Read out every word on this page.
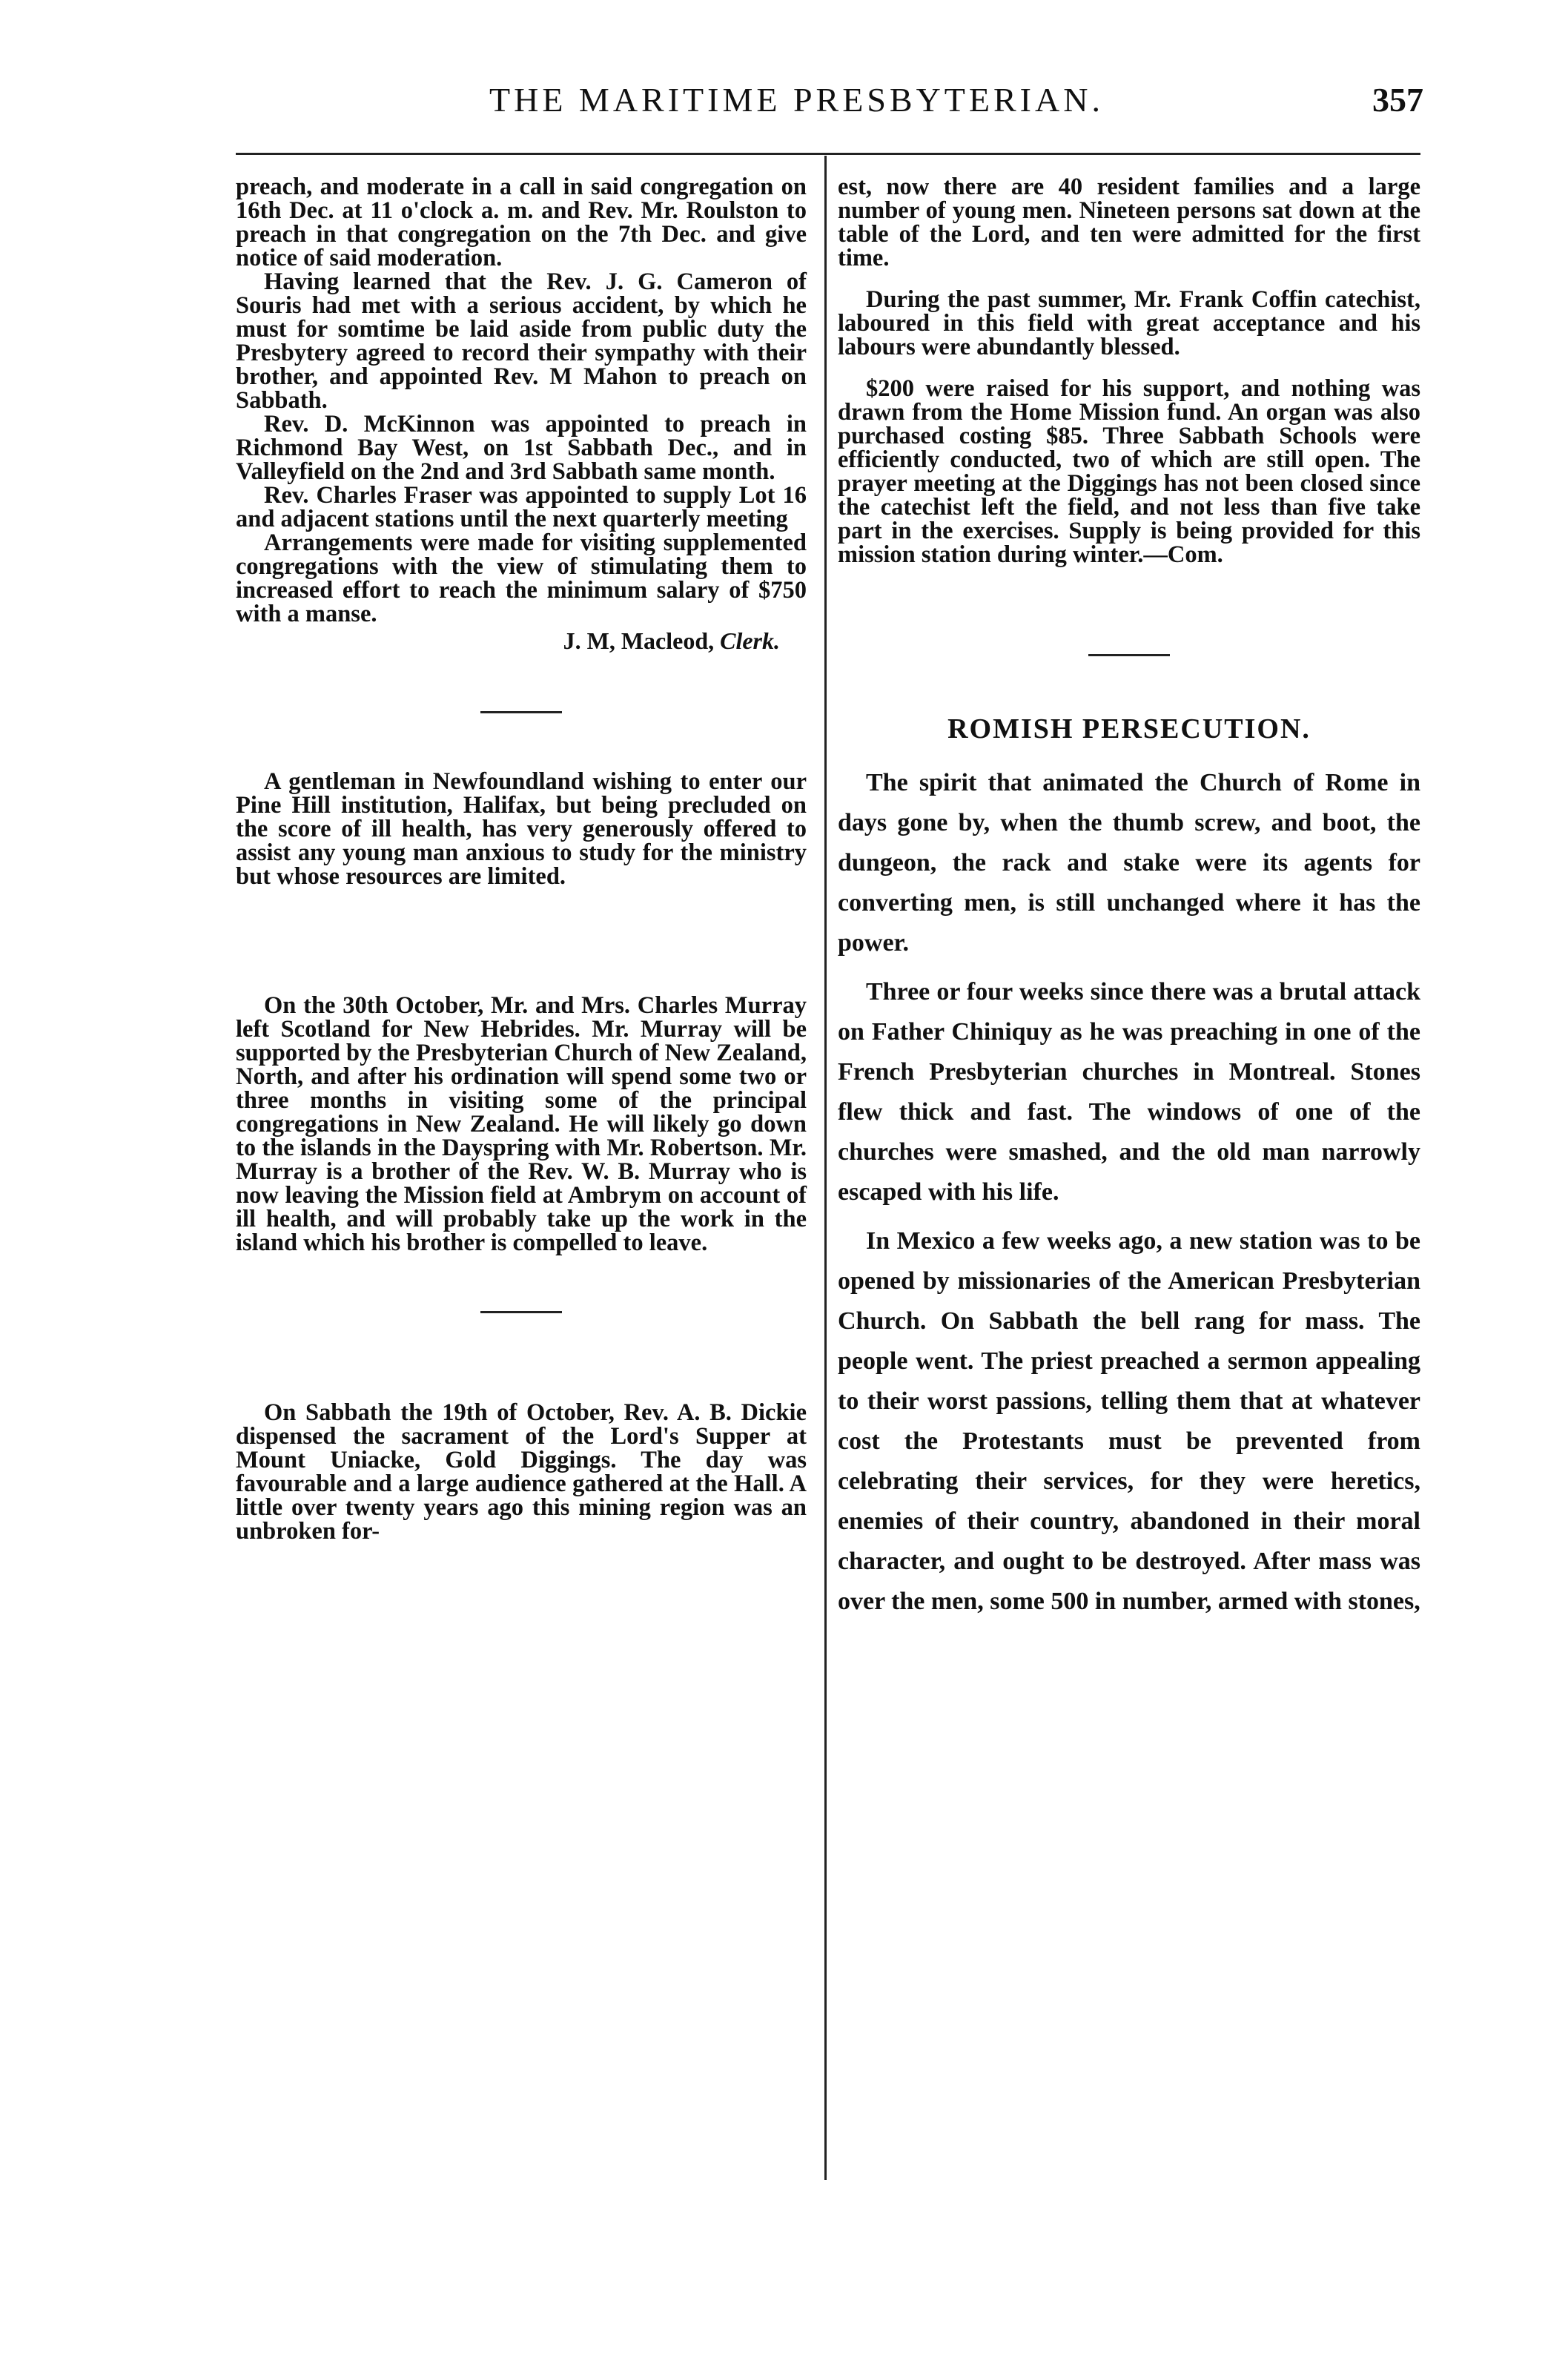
THE MARITIME PRESBYTERIAN.	357

preach, and moderate in a call in said congregation on 16th Dec. at 11 o'clock a. m. and Rev. Mr. Roulston to preach in that congregation on the 7th Dec. and give notice of said moderation.

Having learned that the Rev. J. G. Cameron of Souris had met with a serious accident, by which he must for somtime be laid aside from public duty the Presbytery agreed to record their sympathy with their brother, and appointed Rev. M Mahon to preach on Sabbath.

Rev. D. McKinnon was appointed to preach in Richmond Bay West, on 1st Sabbath Dec., and in Valleyfield on the 2nd and 3rd Sabbath same month.

Rev. Charles Fraser was appointed to supply Lot 16 and adjacent stations until the next quarterly meeting

Arrangements were made for visiting supplemented congregations with the view of stimulating them to increased effort to reach the minimum salary of $750 with a manse.

J. M, Macleod, Clerk.

A gentleman in Newfoundland wishing to enter our Pine Hill institution, Halifax, but being precluded on the score of ill health, has very generously offered to assist any young man anxious to study for the ministry but whose resources are limited.

On the 30th October, Mr. and Mrs. Charles Murray left Scotland for New Hebrides. Mr. Murray will be supported by the Presbyterian Church of New Zealand, North, and after his ordination will spend some two or three months in visiting some of the principal congregations in New Zealand. He will likely go down to the islands in the Dayspring with Mr. Robertson. Mr. Murray is a brother of the Rev. W. B. Murray who is now leaving the Mission field at Ambrym on account of ill health, and will probably take up the work in the island which his brother is compelled to leave.

On Sabbath the 19th of October, Rev. A. B. Dickie dispensed the sacrament of the Lord's Supper at Mount Uniacke, Gold Diggings. The day was favourable and a large audience gathered at the Hall. A little over twenty years ago this mining region was an unbroken for-

est, now there are 40 resident families and a large number of young men. Nineteen persons sat down at the table of the Lord, and ten were admitted for the first time.

During the past summer, Mr. Frank Coffin catechist, laboured in this field with great acceptance and his labours were abundantly blessed.

$200 were raised for his support, and nothing was drawn from the Home Mission fund. An organ was also purchased costing $85. Three Sabbath Schools were efficiently conducted, two of which are still open. The prayer meeting at the Diggings has not been closed since the catechist left the field, and not less than five take part in the exercises. Supply is being provided for this mission station during winter.—Com.

ROMISH PERSECUTION.

The spirit that animated the Church of Rome in days gone by, when the thumb screw, and boot, the dungeon, the rack and stake were its agents for converting men, is still unchanged where it has the power.

Three or four weeks since there was a brutal attack on Father Chiniquy as he was preaching in one of the French Presbyterian churches in Montreal. Stones flew thick and fast. The windows of one of the churches were smashed, and the old man narrowly escaped with his life.

In Mexico a few weeks ago, a new station was to be opened by missionaries of the American Presbyterian Church. On Sabbath the bell rang for mass. The people went. The priest preached a sermon appealing to their worst passions, telling them that at whatever cost the Protestants must be prevented from celebrating their services, for they were heretics, enemies of their country, abandoned in their moral character, and ought to be destroyed. After mass was over the men, some 500 in number, armed with stones,
